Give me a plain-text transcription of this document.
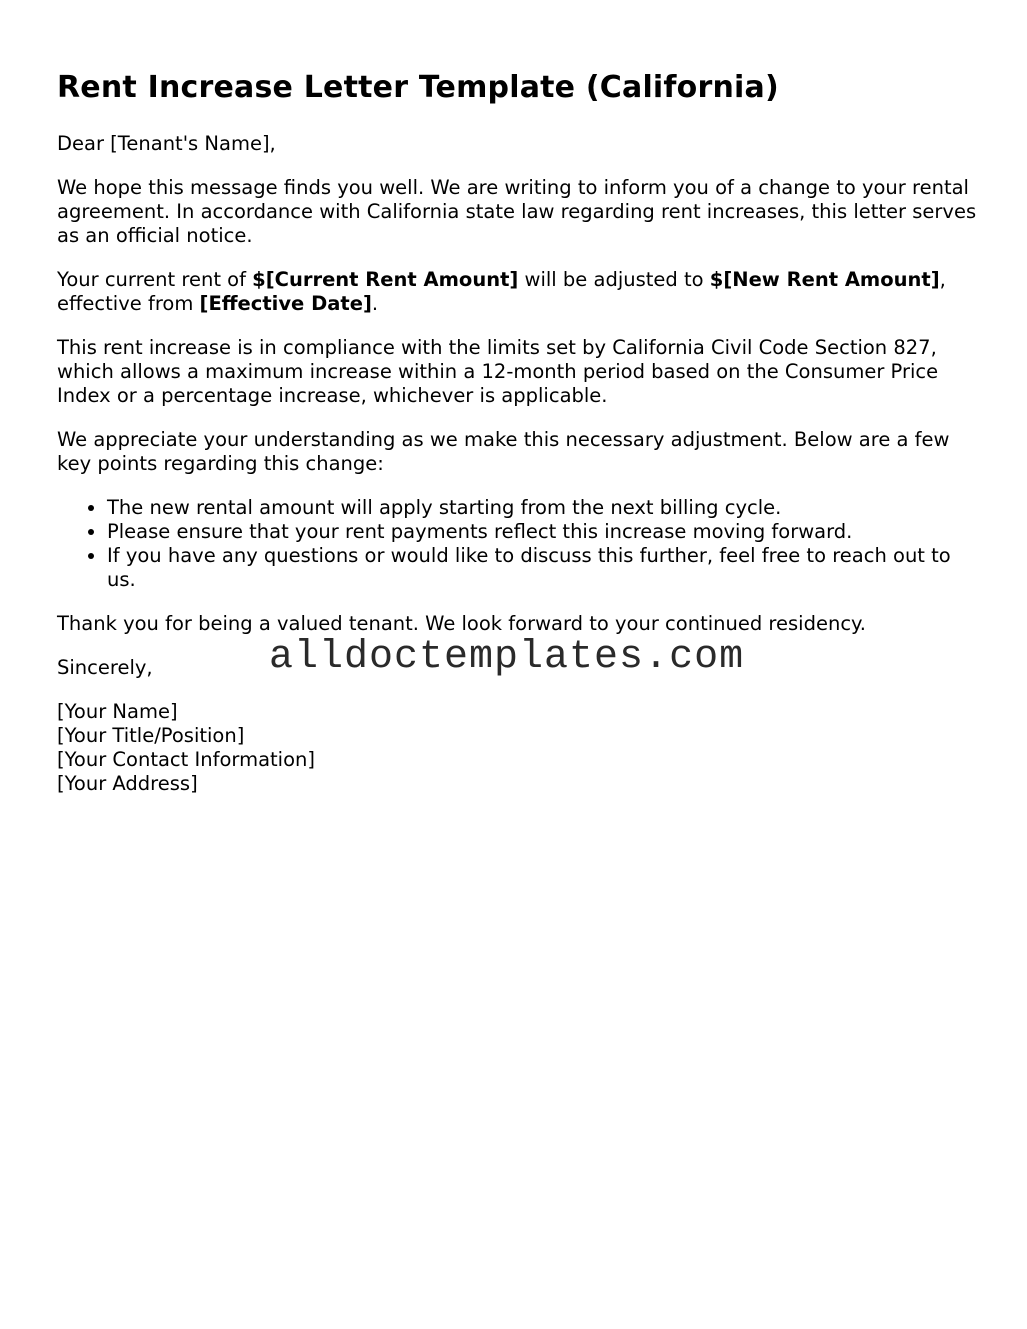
Rent Increase Letter Template (California)

Dear [Tenant's Name],

We hope this message finds you well. We are writing to inform you of a change to your rental agreement. In accordance with California state law regarding rent increases, this letter serves as an official notice.

Your current rent of $[Current Rent Amount] will be adjusted to $[New Rent Amount], effective from [Effective Date].

This rent increase is in compliance with the limits set by California Civil Code Section 827, which allows a maximum increase within a 12-month period based on the Consumer Price Index or a percentage increase, whichever is applicable.

We appreciate your understanding as we make this necessary adjustment. Below are a few key points regarding this change:

• The new rental amount will apply starting from the next billing cycle.
• Please ensure that your rent payments reflect this increase moving forward.
• If you have any questions or would like to discuss this further, feel free to reach out to us.

Thank you for being a valued tenant. We look forward to your continued residency.

Sincerely,	alldoctemplates.com

[Your Name]

[Your Title/Position]

[Your Contact Information]

[Your Address]
